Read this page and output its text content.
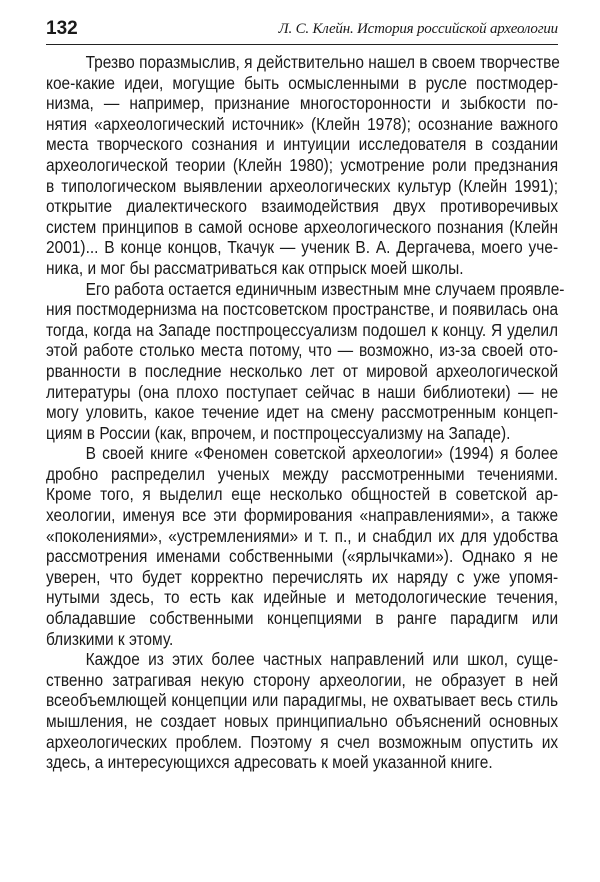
132	Л. С. Клейн. История российской археологии
Трезво поразмыслив, я действительно нашел в своем творчестве
кое-какие идеи, могущие быть осмысленными в русле постмодер-
низма, — например, признание многосторонности и зыбкости по-
нятия «археологический источник» (Клейн 1978); осознание важного
места творческого сознания и интуиции исследователя в создании
археологической теории (Клейн 1980); усмотрение роли предзнания
в типологическом выявлении археологических культур (Клейн 1991);
открытие диалектического взаимодействия двух противоречивых
систем принципов в самой основе археологического познания (Клейн
2001)... В конце концов, Ткачук — ученик В. А. Дергачева, моего уче-
ника, и мог бы рассматриваться как отпрыск моей школы.
Его работа остается единичным известным мне случаем проявле-
ния постмодернизма на постсоветском пространстве, и появилась она
тогда, когда на Западе постпроцессуализм подошел к концу. Я уделил
этой работе столько места потому, что — возможно, из-за своей ото-
рванности в последние несколько лет от мировой археологической
литературы (она плохо поступает сейчас в наши библиотеки) — не
могу уловить, какое течение идет на смену рассмотренным концеп-
циям в России (как, впрочем, и постпроцессуализму на Западе).
В своей книге «Феномен советской археологии» (1994) я более
дробно распределил ученых между рассмотренными течениями.
Кроме того, я выделил еще несколько общностей в советской ар-
хеологии, именуя все эти формирования «направлениями», а также
«поколениями», «устремлениями» и т. п., и снабдил их для удобства
рассмотрения именами собственными («ярлычками»). Однако я не
уверен, что будет корректно перечислять их наряду с уже упомя-
нутыми здесь, то есть как идейные и методологические течения,
обладавшие собственными концепциями в ранге парадигм или
близкими к этому.
Каждое из этих более частных направлений или школ, суще-
ственно затрагивая некую сторону археологии, не образует в ней
всеобъемлющей концепции или парадигмы, не охватывает весь стиль
мышления, не создает новых принципиально объяснений основных
археологических проблем. Поэтому я счел возможным опустить их
здесь, а интересующихся адресовать к моей указанной книге.
